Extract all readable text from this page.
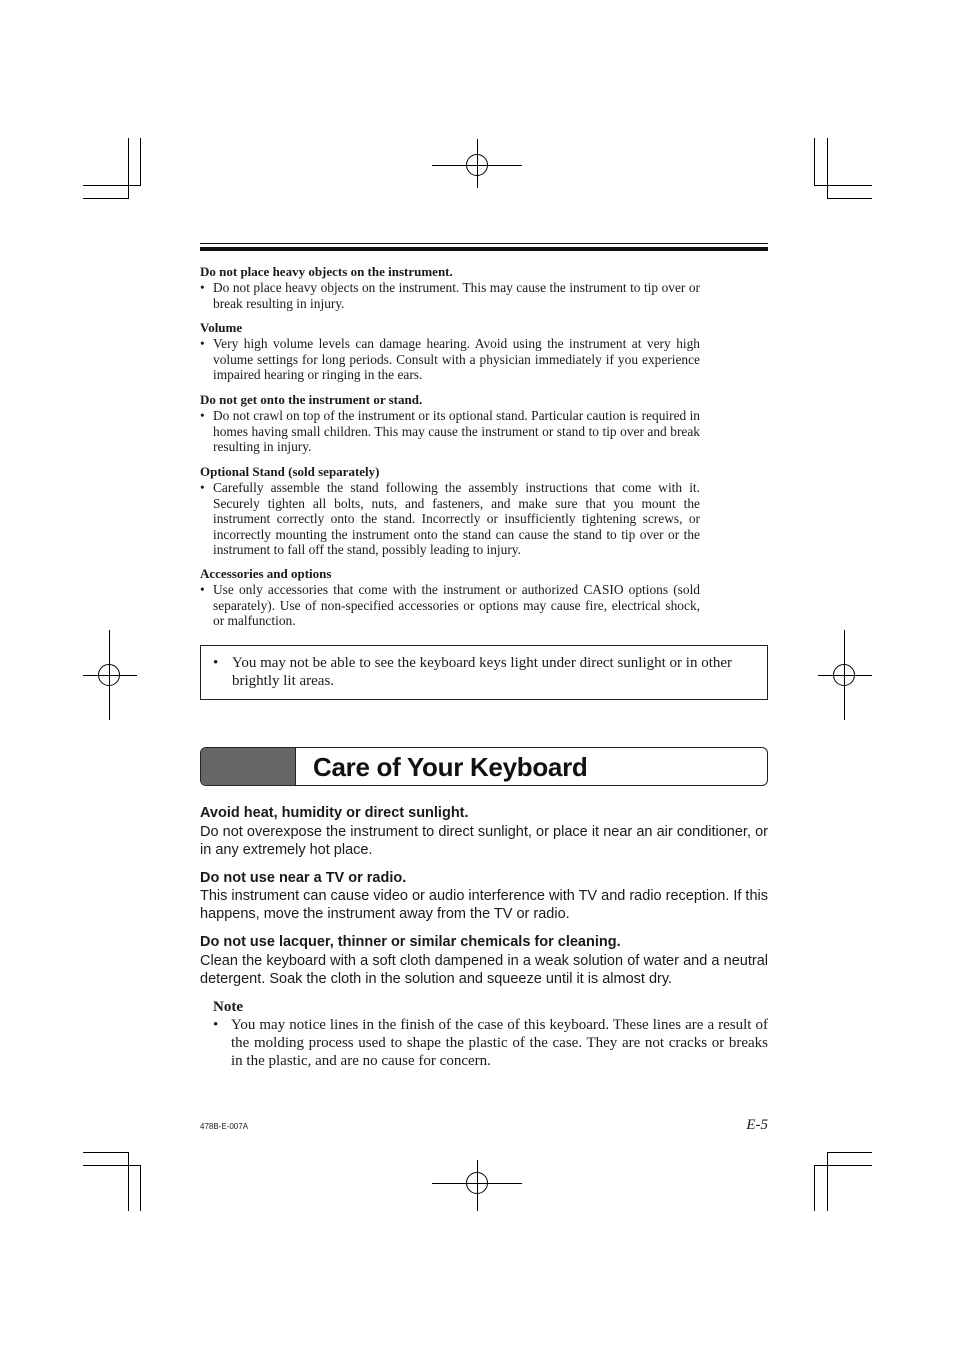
Do not place heavy objects on the instrument.
• Do not place heavy objects on the instrument. This may cause the instrument to tip over or break resulting in injury.
Volume
• Very high volume levels can damage hearing. Avoid using the instrument at very high volume settings for long periods. Consult with a physician immediately if you experience impaired hearing or ringing in the ears.
Do not get onto the instrument or stand.
• Do not crawl on top of the instrument or its optional stand. Particular caution is required in homes having small children. This may cause the instrument or stand to tip over and break resulting in injury.
Optional Stand (sold separately)
• Carefully assemble the stand following the assembly instructions that come with it. Securely tighten all bolts, nuts, and fasteners, and make sure that you mount the instrument correctly onto the stand. Incorrectly or insufficiently tightening screws, or incorrectly mounting the instrument onto the stand can cause the stand to tip over or the instrument to fall off the stand, possibly leading to injury.
Accessories and options
• Use only accessories that come with the instrument or authorized CASIO options (sold separately). Use of non-specified accessories or options may cause fire, electrical shock, or malfunction.
• You may not be able to see the keyboard keys light under direct sunlight or in other brightly lit areas.
Care of Your Keyboard
Avoid heat, humidity or direct sunlight.
Do not overexpose the instrument to direct sunlight, or place it near an air conditioner, or in any extremely hot place.
Do not use near a TV or radio.
This instrument can cause video or audio interference with TV and radio reception. If this happens, move the instrument away from the TV or radio.
Do not use lacquer, thinner or similar chemicals for cleaning.
Clean the keyboard with a soft cloth dampened in a weak solution of water and a neutral detergent. Soak the cloth in the solution and squeeze until it is almost dry.
Note
• You may notice lines in the finish of the case of this keyboard. These lines are a result of the molding process used to shape the plastic of the case. They are not cracks or breaks in the plastic, and are no cause for concern.
478B-E-007A	E-5
